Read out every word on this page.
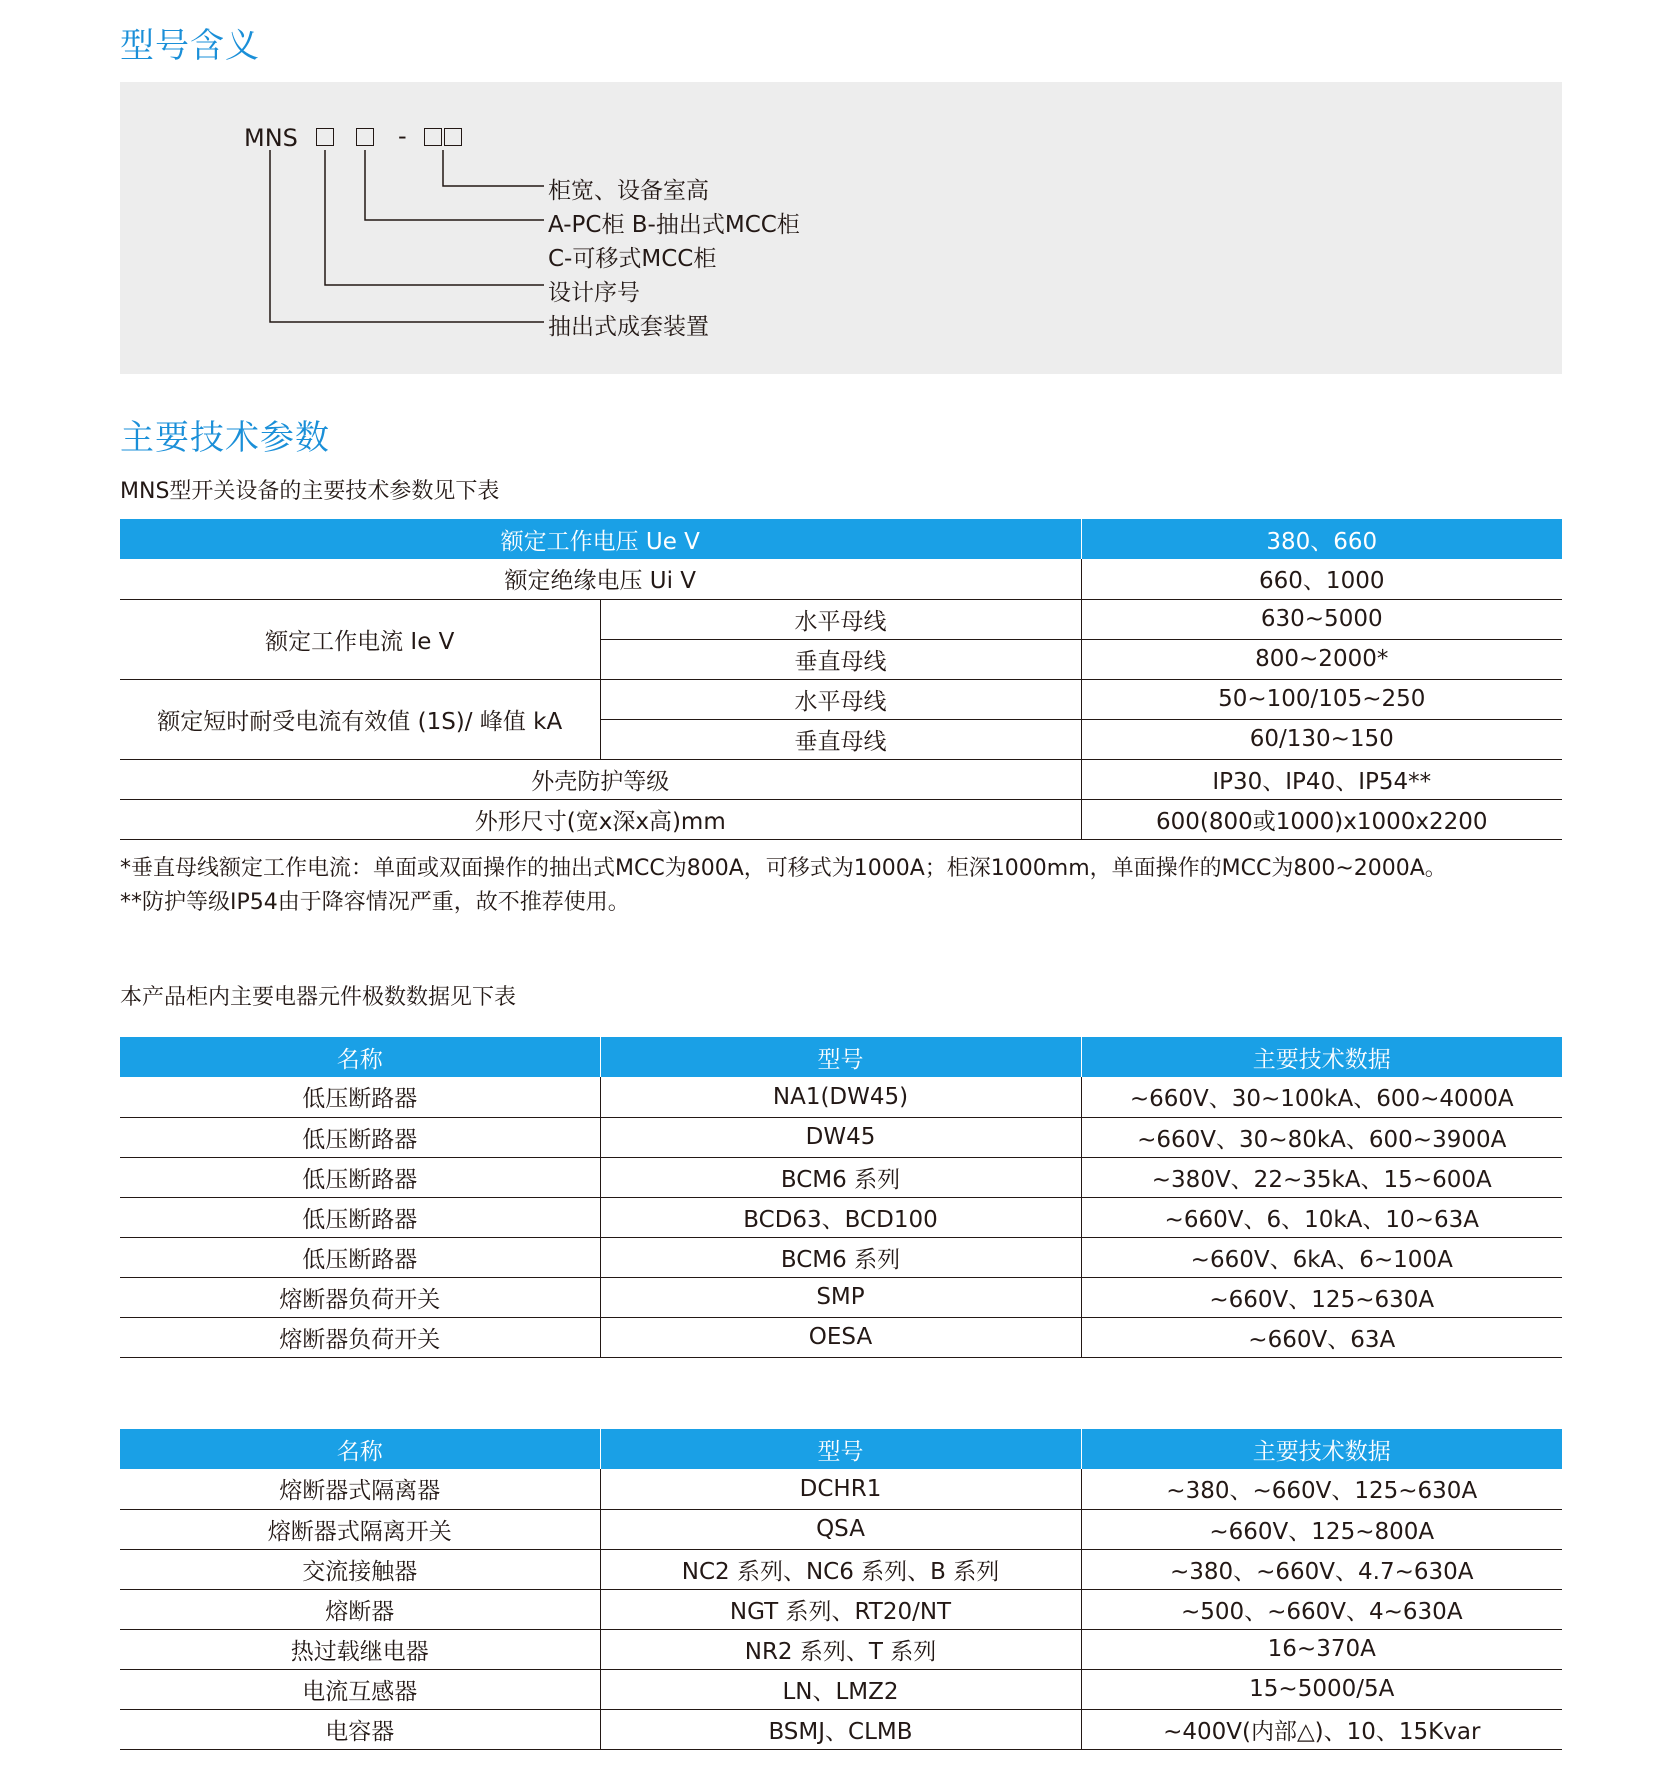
型号含义
MNS	-
柜宽、设备室高
A-PC柜 B-抽出式MCC柜
C-可移式MCC柜
设计序号
抽出式成套装置
主要技术参数

MNS型开关设备的主要技术参数见下表

额定工作电压 Ue V		380、660
额定绝缘电压 Ui V		660、1000
额定工作电流 Ie V	水平母线	630~5000
	垂直母线	800~2000*
额定短时耐受电流有效值 (1S)/ 峰值 kA	水平母线	50~100/105~250
	垂直母线	60/130~150
外壳防护等级		IP30、IP40、IP54**
外形尺寸(宽x深x高)mm		600(800或1000)x1000x2200

*垂直母线额定工作电流：单面或双面操作的抽出式MCC为800A，可移式为1000A；柜深1000mm，单面操作的MCC为800~2000A。

**防护等级IP54由于降容情况严重，故不推荐使用。

本产品柜内主要电器元件极数数据见下表

名称	型号	主要技术数据
低压断路器	NA1(DW45)	~660V、30~100kA、600~4000A
低压断路器	DW45	~660V、30~80kA、600~3900A
低压断路器	BCM6 系列	~380V、22~35kA、15~600A
低压断路器	BCD63、BCD100	~660V、6、10kA、10~63A
低压断路器	BCM6 系列	~660V、6kA、6~100A
熔断器负荷开关	SMP	~660V、125~630A
熔断器负荷开关	OESA	~660V、63A
名称	型号	主要技术数据
熔断器式隔离器	DCHR1	~380、~660V、125~630A
熔断器式隔离开关	QSA	~660V、125~800A
交流接触器	NC2 系列、NC6 系列、B 系列	~380、~660V、4.7~630A
熔断器	NGT 系列、RT20/NT	~500、~660V、4~630A
热过载继电器	NR2 系列、T 系列	16~370A
电流互感器	LN、LMZ2	15~5000/5A
电容器	BSMJ、CLMB	~400V(内部△)、10、15Kvar
